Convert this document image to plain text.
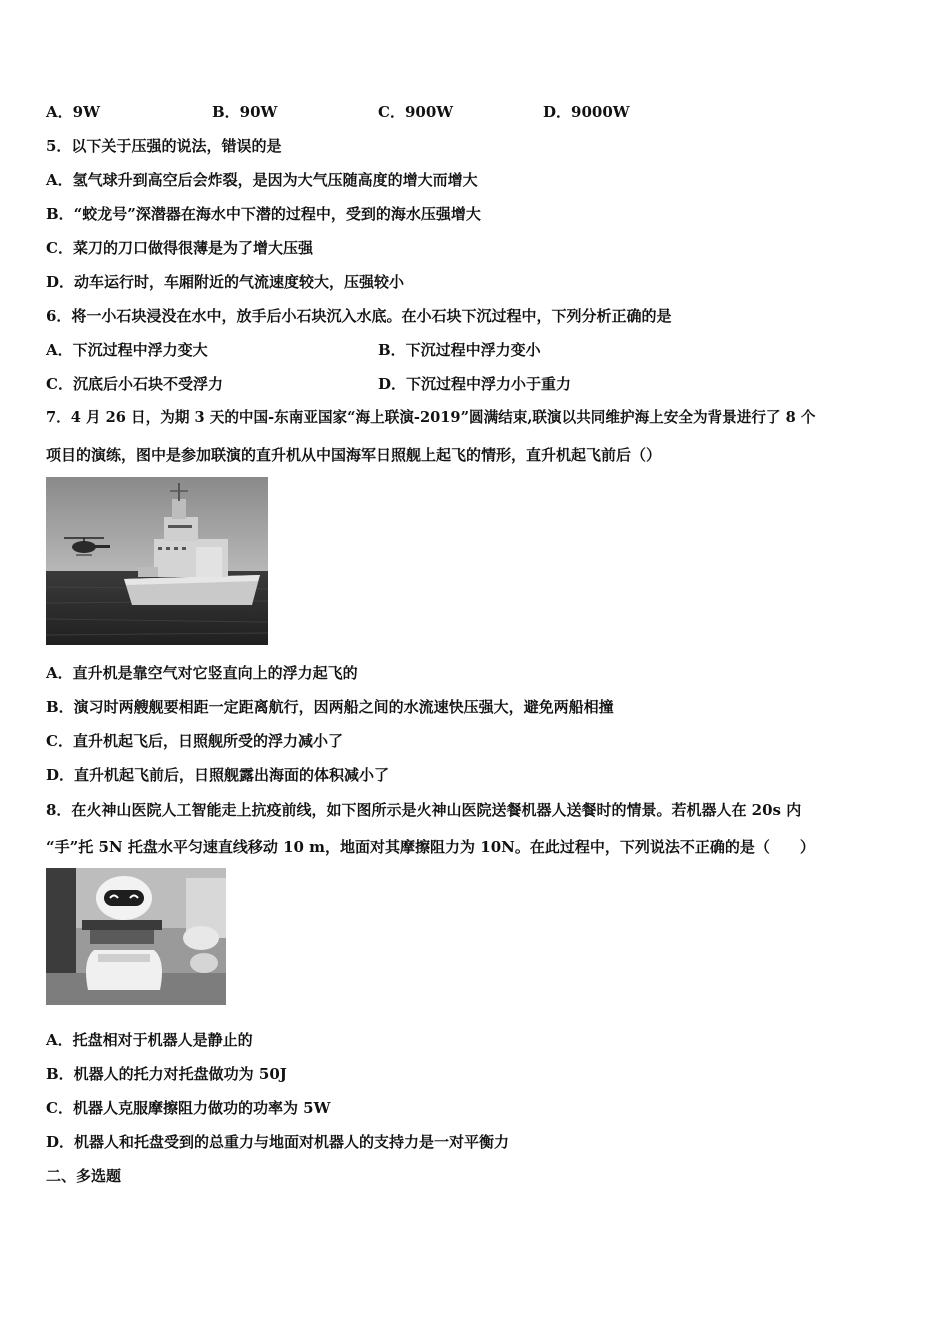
A．9W	B．90W	C．900W	D．9000W
5．以下关于压强的说法，错误的是
A．氢气球升到高空后会炸裂，是因为大气压随高度的增大而增大
B．“蛟龙号”深潜器在海水中下潜的过程中，受到的海水压强增大
C．菜刀的刀口做得很薄是为了增大压强
D．动车运行时，车厢附近的气流速度较大，压强较小
6．将一小石块浸没在水中，放手后小石块沉入水底。在小石块下沉过程中，下列分析正确的是
A．下沉过程中浮力变大	B．下沉过程中浮力变小
C．沉底后小石块不受浮力	D．下沉过程中浮力小于重力
7．4 月 26 日，为期 3 天的中国-东南亚国家“海上联演-2019”圆满结束,联演以共同维护海上安全为背景进行了 8 个
项目的演练，图中是参加联演的直升机从中国海军日照舰上起飞的情形，直升机起飞前后（）
A．直升机是靠空气对它竖直向上的浮力起飞的
B．演习时两艘舰要相距一定距离航行，因两船之间的水流速快压强大，避免两船相撞
C．直升机起飞后，日照舰所受的浮力减小了
D．直升机起飞前后，日照舰露出海面的体积减小了
8．在火神山医院人工智能走上抗疫前线，如下图所示是火神山医院送餐机器人送餐时的情景。若机器人在 20s 内
“手”托 5N 托盘水平匀速直线移动 10 m，地面对其摩擦阻力为 10N。在此过程中，下列说法不正确的是（　　）
A．托盘相对于机器人是静止的
B．机器人的托力对托盘做功为 50J
C．机器人克服摩擦阻力做功的功率为 5W
D．机器人和托盘受到的总重力与地面对机器人的支持力是一对平衡力
二、多选题
